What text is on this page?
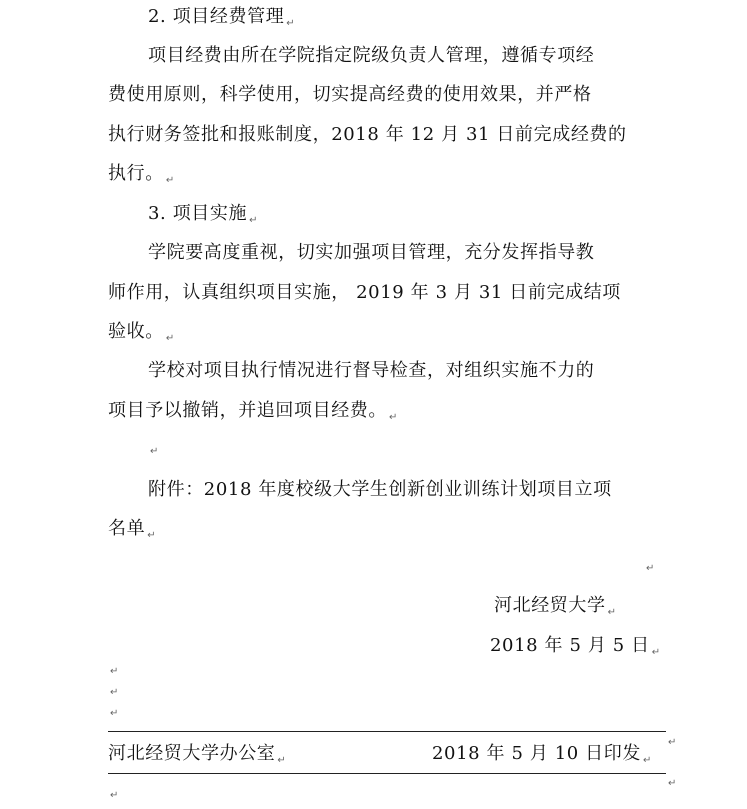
2. 项目经费管理 $_↵$
项目经费由所在学院指定院级负责人管理，遵循专项经
费使用原则，科学使用，切实提高经费的使用效果，并严格
执行财务签批和报账制度，2018 年 12 月 31 日前完成经费的
执行。 $_↵$
3. 项目实施 $_↵$
学院要高度重视，切实加强项目管理，充分发挥指导教
师作用，认真组织项目实施， 2019 年 3 月 31 日前完成结项
验收。 $_↵$
学校对项目执行情况进行督导检查，对组织实施不力的
项目予以撤销，并追回项目经费。 $_↵$
↵
附件：2018 年度校级大学生创新创业训练计划项目立项
名单 $_↵$
↵
河北经贸大学 $_↵$
2018 年 5 月 5 日 $_↵$
↵
↵
↵
河北经贸大学办公室 $_↵$	2018 年 5 月 10 日印发 $_↵$
↵
↵
↵
